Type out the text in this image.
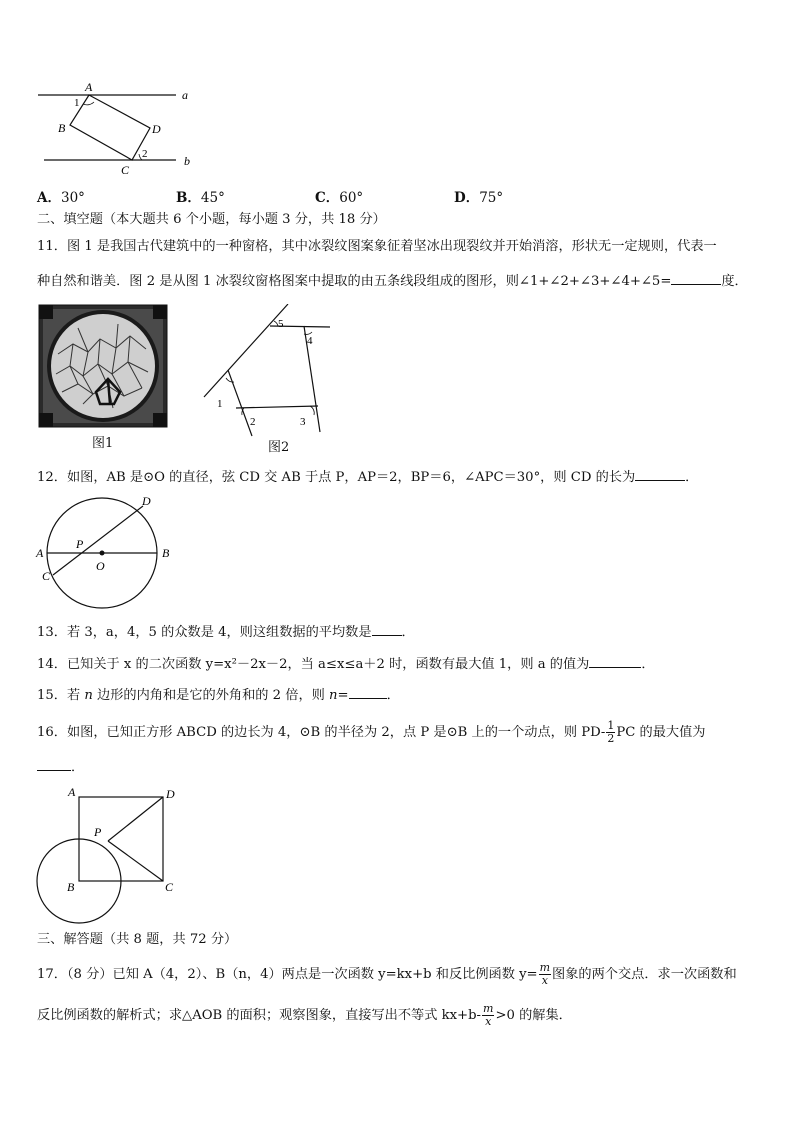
A
1
B	D
2
C
a
b
A．30°	B．45°	C．60°	D．75°
二、填空题（本大题共 6 个小题，每小题 3 分，共 18 分）
11．图 1 是我国古代建筑中的一种窗格，其中冰裂纹图案象征着坚冰出现裂纹并开始消溶，形状无一定规则，代表一
种自然和谐美．图 2 是从图 1 冰裂纹窗格图案中提取的由五条线段组成的图形，则∠1+∠2+∠3+∠4+∠5=	度．
图1
5
4
1
2	3
图2
12．如图，AB 是⊙O 的直径，弦 CD 交 AB 于点 P，AP＝2，BP＝6，∠APC＝30°，则 CD 的长为	．
D
A
P
B
C
O
13．若 3，a，4，5 的众数是 4，则这组数据的平均数是 ．
14．已知关于 x 的二次函数 y=x²－2x－2，当 a≤x≤a＋2 时，函数有最大值 1，则 a 的值为	．
15．若 n 边形的内角和是它的外角和的 2 倍，则 n=	．
16．如图，已知正方形 ABCD 的边长为 4，⊙B 的半径为 2，点 P 是⊙B 上的一个动点，则 $PD- \frac{1}{2}$ PC 的最大值为
．
A	D
P
B	C
三、解答题（共 8 题，共 72 分）
17．（8 分）已知 A（4，2）、B（n，4）两点是一次函数 y=kx+b 和反比例函数 $y= \frac{m}{x}$ 图象的两个交点．求一次函数和
反比例函数的解析式；求△AOB 的面积；观察图象，直接写出不等式 $kx+b- \frac{m}{x} >0$ 的解集．
